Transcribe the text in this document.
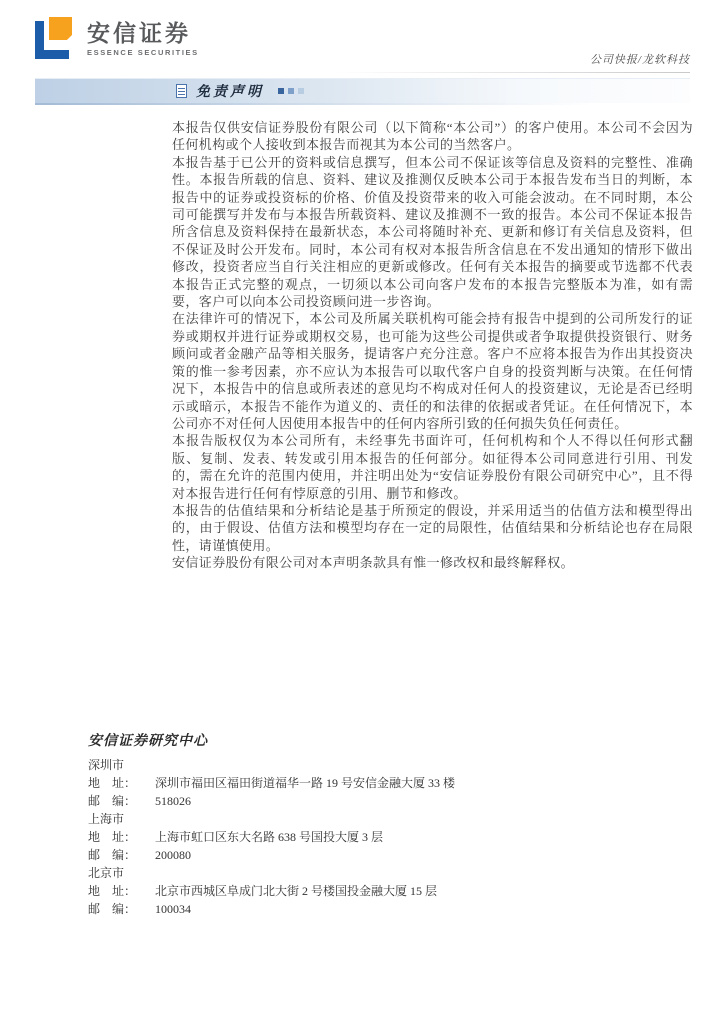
安信证券
ESSENCE SECURITIES
公司快报/龙软科技
免责声明

本报告仅供安信证券股份有限公司（以下简称“本公司”）的客户使用。本公司不会因为任何机构或个人接收到本报告而视其为本公司的当然客户。

本报告基于已公开的资料或信息撰写，但本公司不保证该等信息及资料的完整性、准确性。本报告所载的信息、资料、建议及推测仅反映本公司于本报告发布当日的判断，本报告中的证券或投资标的价格、价值及投资带来的收入可能会波动。在不同时期，本公司可能撰写并发布与本报告所载资料、建议及推测不一致的报告。本公司不保证本报告所含信息及资料保持在最新状态，本公司将随时补充、更新和修订有关信息及资料，但不保证及时公开发布。同时，本公司有权对本报告所含信息在不发出通知的情形下做出修改，投资者应当自行关注相应的更新或修改。任何有关本报告的摘要或节选都不代表本报告正式完整的观点，一切须以本公司向客户发布的本报告完整版本为准，如有需要，客户可以向本公司投资顾问进一步咨询。

在法律许可的情况下，本公司及所属关联机构可能会持有报告中提到的公司所发行的证券或期权并进行证券或期权交易，也可能为这些公司提供或者争取提供投资银行、财务顾问或者金融产品等相关服务，提请客户充分注意。客户不应将本报告为作出其投资决策的惟一参考因素，亦不应认为本报告可以取代客户自身的投资判断与决策。在任何情况下，本报告中的信息或所表述的意见均不构成对任何人的投资建议，无论是否已经明示或暗示，本报告不能作为道义的、责任的和法律的依据或者凭证。在任何情况下，本公司亦不对任何人因使用本报告中的任何内容所引致的任何损失负任何责任。

本报告版权仅为本公司所有，未经事先书面许可，任何机构和个人不得以任何形式翻版、复制、发表、转发或引用本报告的任何部分。如征得本公司同意进行引用、刊发的，需在允许的范围内使用，并注明出处为“安信证券股份有限公司研究中心”，且不得对本报告进行任何有悖原意的引用、删节和修改。

本报告的估值结果和分析结论是基于所预定的假设，并采用适当的估值方法和模型得出的，由于假设、估值方法和模型均存在一定的局限性，估值结果和分析结论也存在局限性，请谨慎使用。

安信证券股份有限公司对本声明条款具有惟一修改权和最终解释权。

安信证券研究中心
深圳市
地　址：	深圳市福田区福田街道福华一路 19 号安信金融大厦 33 楼
邮　编：	518026
上海市
地　址：	上海市虹口区东大名路 638 号国投大厦 3 层
邮　编：	200080
北京市
地　址：	北京市西城区阜成门北大街 2 号楼国投金融大厦 15 层
邮　编：	100034
